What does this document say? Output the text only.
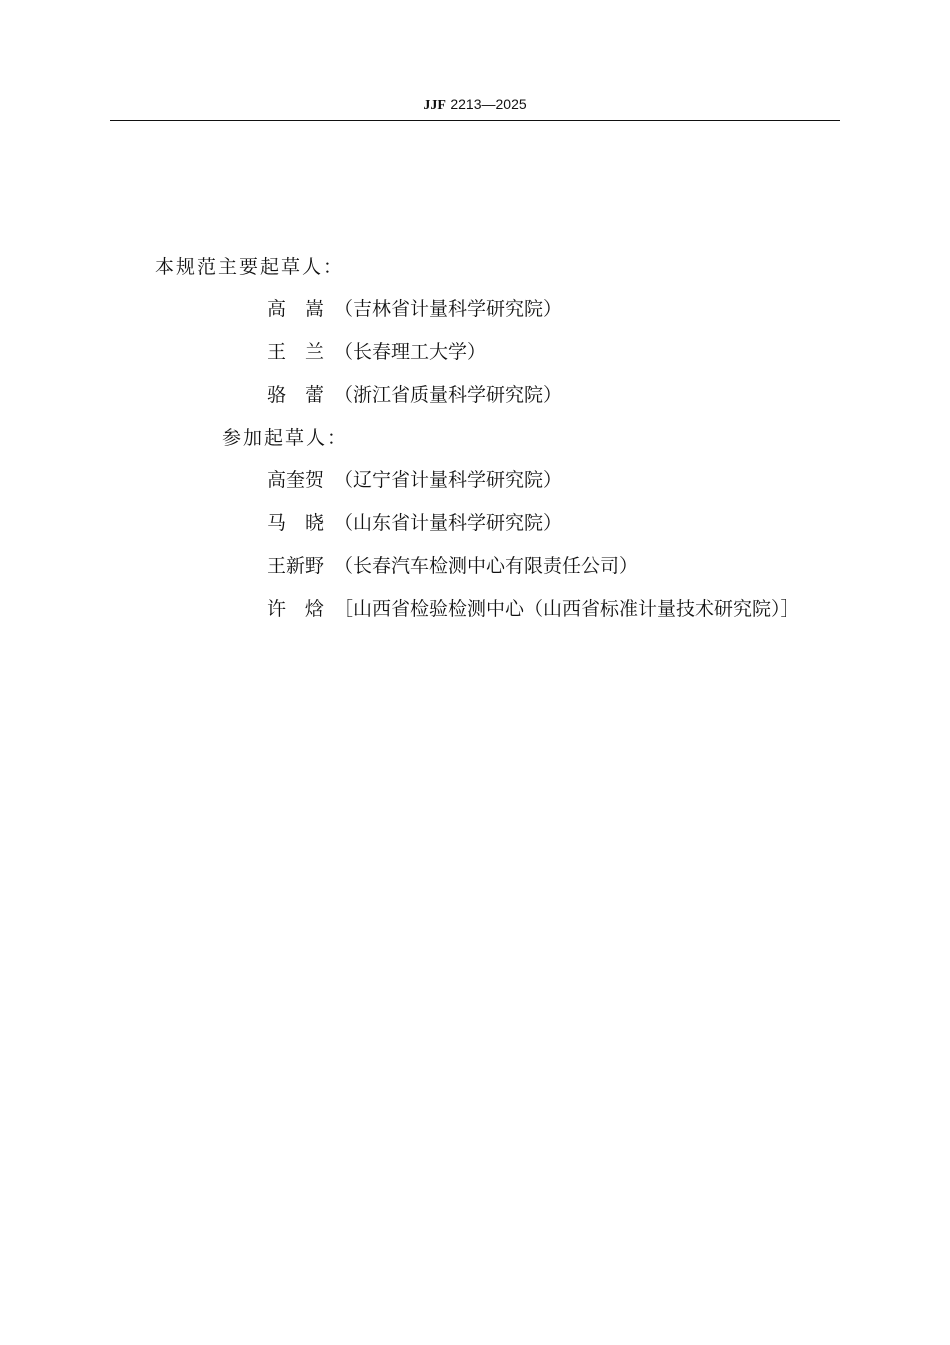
JJF 2213—2025
本规范主要起草人：
高　嵩 （吉林省计量科学研究院）
王　兰 （长春理工大学）
骆　蕾 （浙江省质量科学研究院）
参加起草人：
高奎贺 （辽宁省计量科学研究院）
马　晓 （山东省计量科学研究院）
王新野 （长春汽车检测中心有限责任公司）
许　焓 ［山西省检验检测中心（山西省标准计量技术研究院）］
